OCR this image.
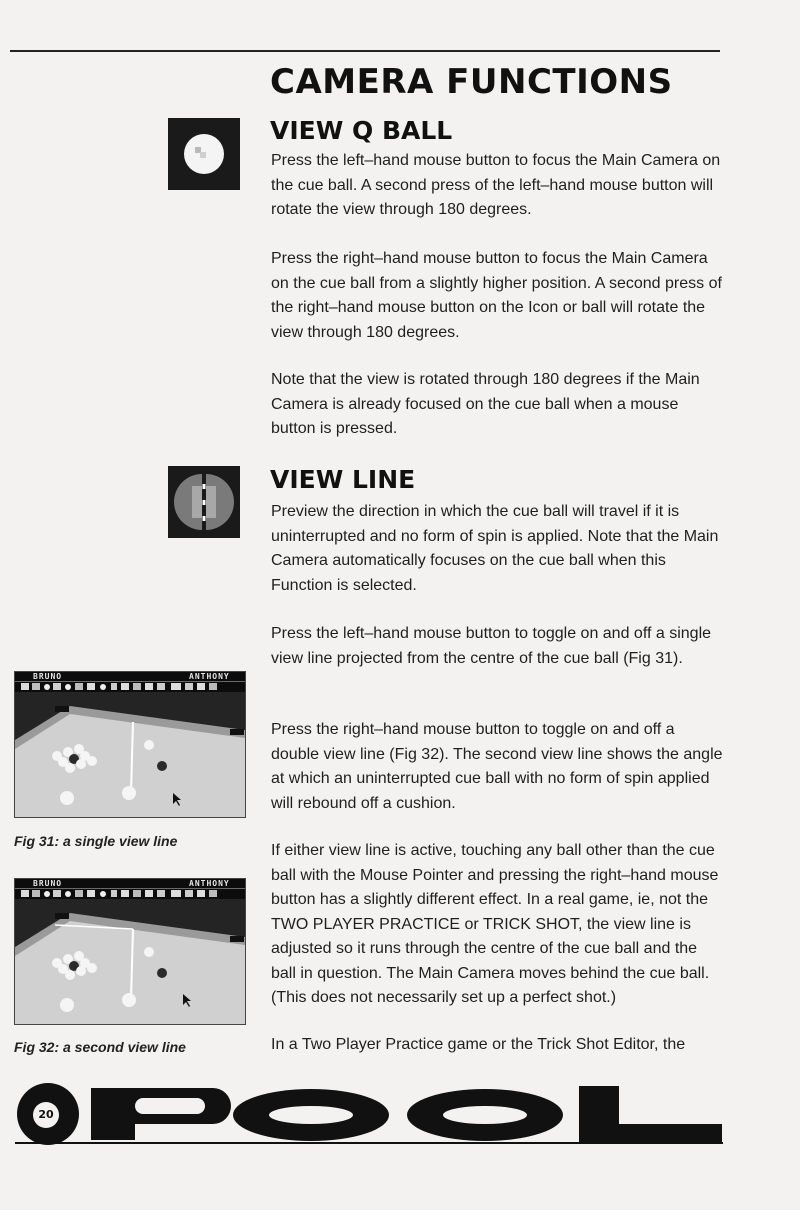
CAMERA FUNCTIONS
VIEW Q BALL

Press the left–hand mouse button to focus the Main Camera on the cue ball. A second press of the left–hand mouse button will rotate the view through 180 degrees.

Press the right–hand mouse button to focus the Main Camera on the cue ball from a slightly higher position. A second press of the right–hand mouse button on the Icon or ball will rotate the view through 180 degrees.

Note that the view is rotated through 180 degrees if the Main Camera is already focused on the cue ball when a mouse button is pressed.

VIEW LINE

Preview the direction in which the cue ball will travel if it is uninterrupted and no form of spin is applied. Note that the Main Camera automatically focuses on the cue ball when this Function is selected.

Press the left–hand mouse button to toggle on and off a single view line projected from the centre of the cue ball (Fig 31).

Press the right–hand mouse button to toggle on and off a double view line (Fig 32). The second view line shows the angle at which an uninterrupted cue ball with no form of spin applied will rebound off a cushion.

If either view line is active, touching any ball other than the cue ball with the Mouse Pointer and pressing the right–hand mouse button has a slightly different effect. In a real game, ie, not the TWO PLAYER PRACTICE or TRICK SHOT, the view line is adjusted so it runs through the centre of the cue ball and the ball in question. The Main Camera moves behind the cue ball. (This does not necessarily set up a perfect shot.)

In a Two Player Practice game or the Trick Shot Editor, the

BRUNO	ANTHONY

Fig 31: a single view line

BRUNO	ANTHONY

Fig 32: a second view line

20
